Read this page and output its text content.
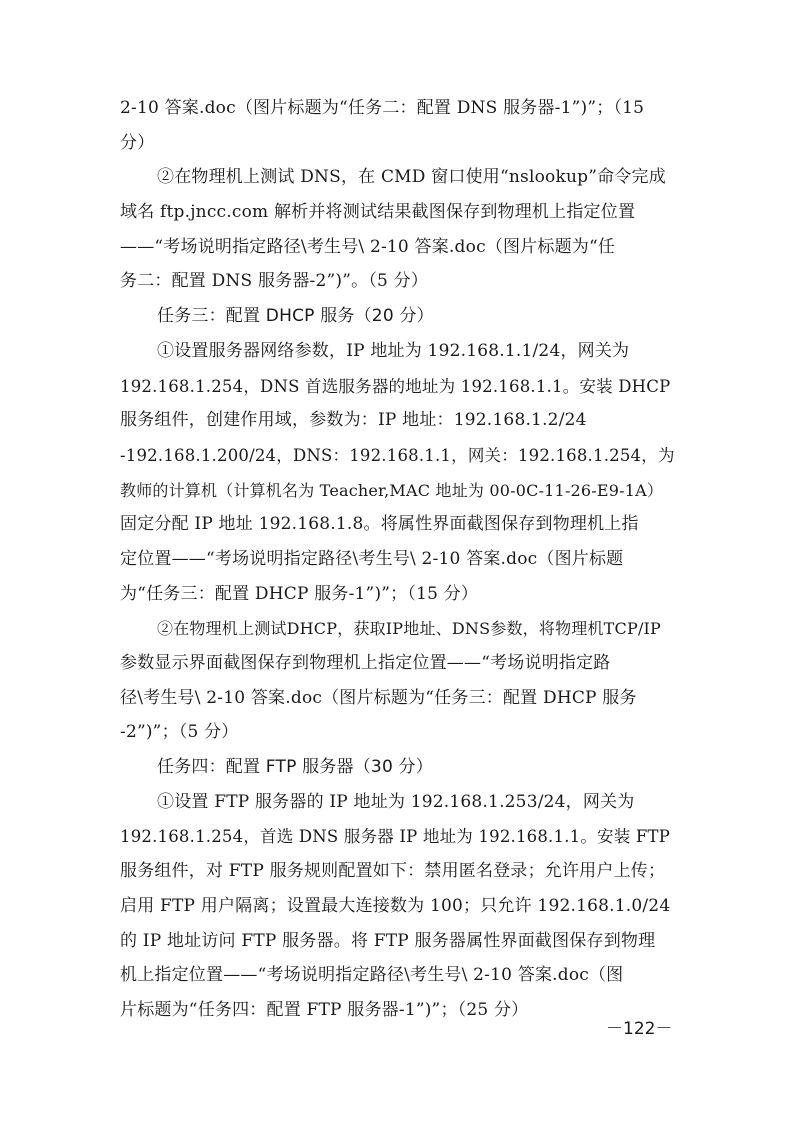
2-10 答案.doc（图片标题为“任务二：配置 DNS 服务器-1”)”；（15
分）
②在物理机上测试 DNS，在 CMD 窗口使用“nslookup”命令完成
域名 ftp.jncc.com 解析并将测试结果截图保存到物理机上指定位置
——“考场说明指定路径\考生号\ 2-10 答案.doc（图片标题为“任
务二：配置 DNS 服务器-2”)”。（5 分）
任务三：配置 DHCP 服务（20 分）
①设置服务器网络参数，IP 地址为 192.168.1.1/24，网关为
192.168.1.254，DNS 首选服务器的地址为 192.168.1.1。安装 DHCP
服务组件，创建作用域，参数为：IP 地址：192.168.1.2/24
-192.168.1.200/24，DNS：192.168.1.1，网关：192.168.1.254，为
教师的计算机（计算机名为 Teacher,MAC 地址为 00-0C-11-26-E9-1A）
固定分配 IP 地址 192.168.1.8。将属性界面截图保存到物理机上指
定位置——“考场说明指定路径\考生号\ 2-10 答案.doc（图片标题
为“任务三：配置 DHCP 服务-1”)”；（15 分）
②在物理机上测试DHCP，获取IP地址、DNS参数，将物理机TCP/IP
参数显示界面截图保存到物理机上指定位置——“考场说明指定路
径\考生号\ 2-10 答案.doc（图片标题为“任务三：配置 DHCP 服务
-2”)”；（5 分）
任务四：配置 FTP 服务器（30 分）
①设置 FTP 服务器的 IP 地址为 192.168.1.253/24，网关为
192.168.1.254，首选 DNS 服务器 IP 地址为 192.168.1.1。安装 FTP
服务组件，对 FTP 服务规则配置如下：禁用匿名登录；允许用户上传；
启用 FTP 用户隔离；设置最大连接数为 100；只允许 192.168.1.0/24
的 IP 地址访问 FTP 服务器。将 FTP 服务器属性界面截图保存到物理
机上指定位置——“考场说明指定路径\考生号\ 2-10 答案.doc（图
片标题为“任务四：配置 FTP 服务器-1”)”；（25 分）
－122－
